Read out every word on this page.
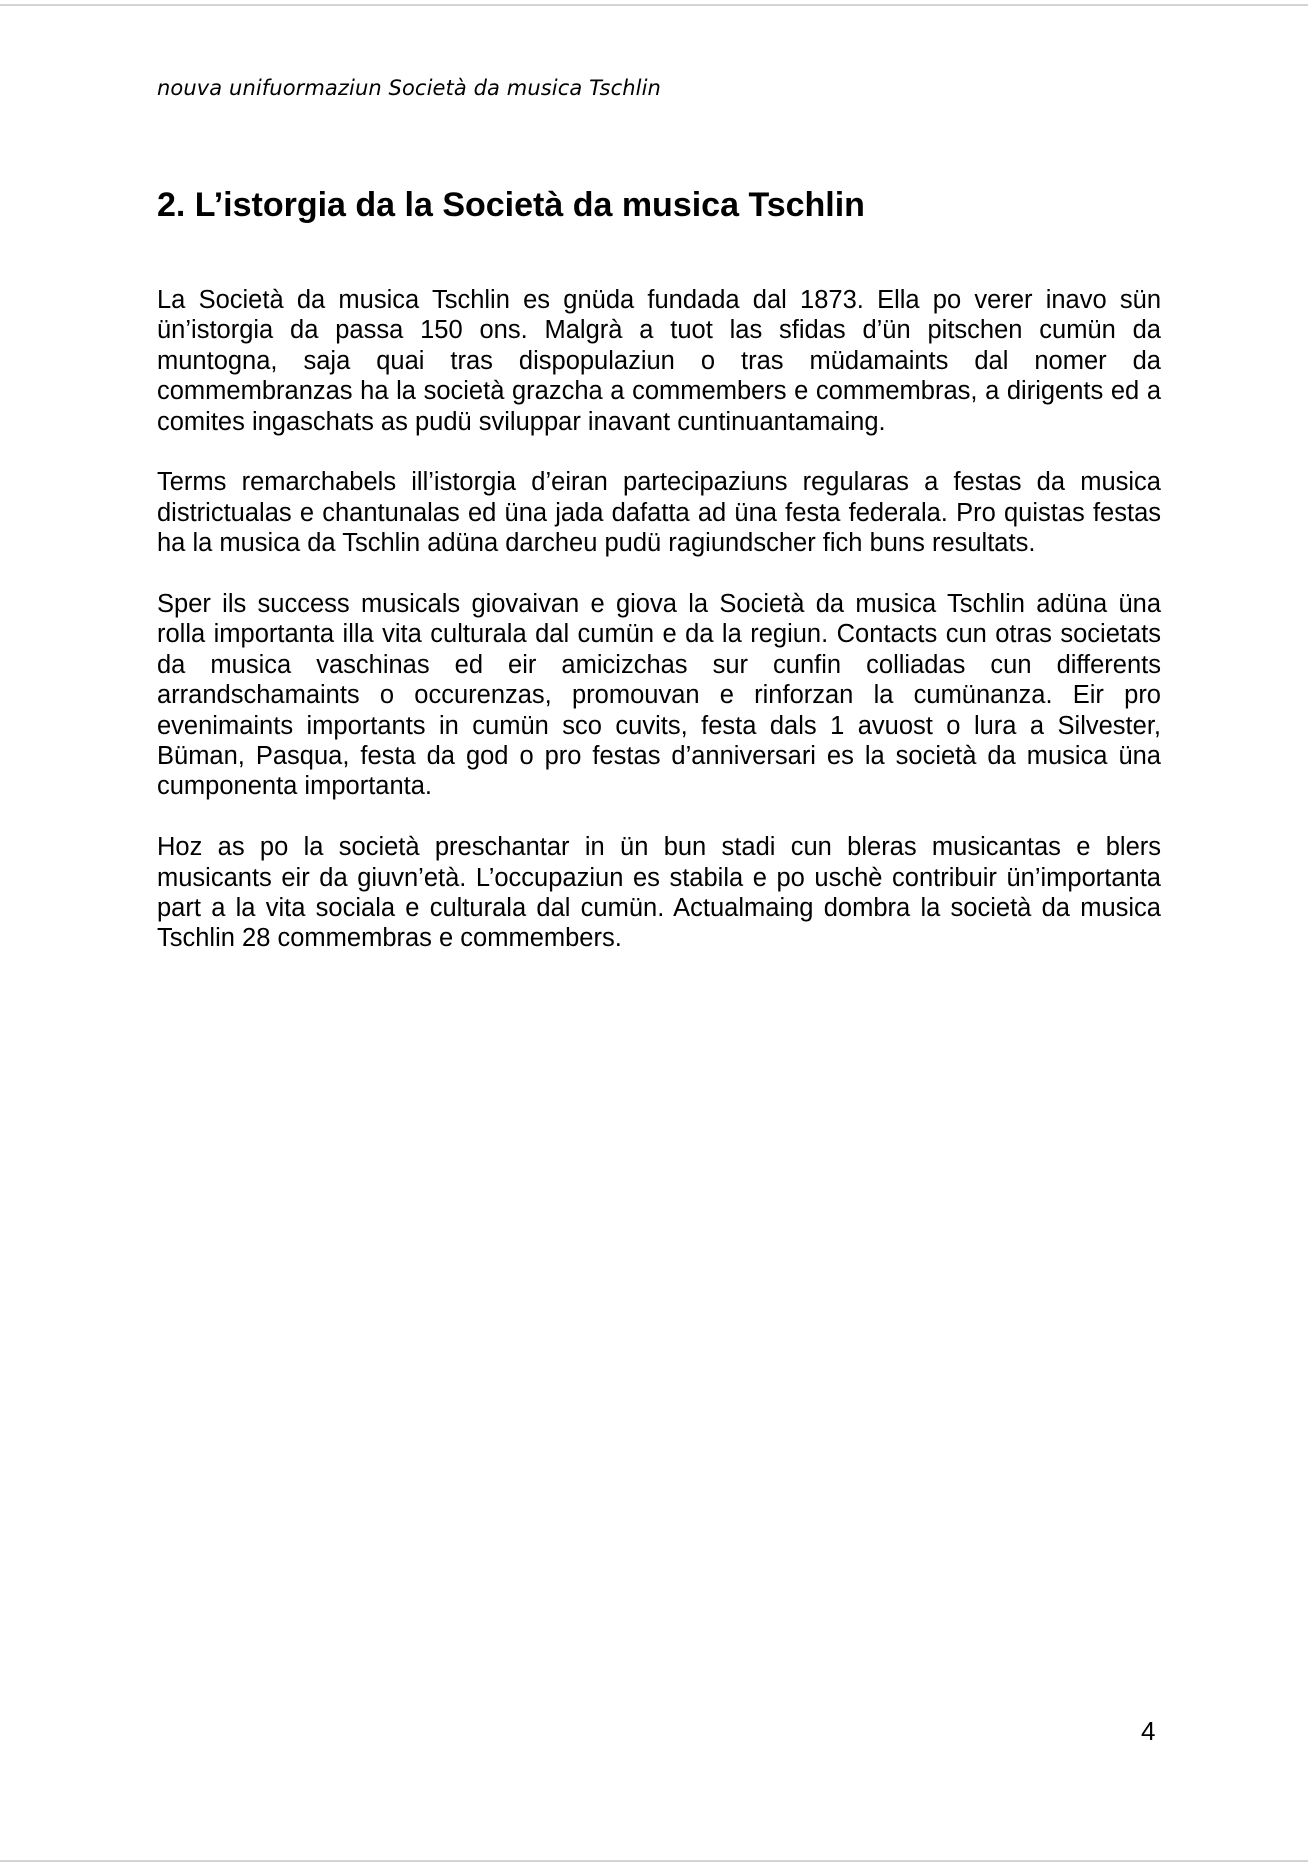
nouva unifuormaziun Società da musica Tschlin
2. L’istorgia da la Società da musica Tschlin

La Società da musica Tschlin es gnüda fundada dal 1873. Ella po verer inavo sün ün’istorgia da passa 150 ons. Malgrà a tuot las sfidas d’ün pitschen cumün da muntogna, saja quai tras dispopulaziun o tras müdamaints dal nomer da commembranzas ha la società grazcha a commembers e commembras, a dirigents ed a comites ingaschats as pudü sviluppar inavant cuntinuantamaing.

Terms remarchabels ill’istorgia d’eiran partecipaziuns regularas a festas da musica districtualas e chantunalas ed üna jada dafatta ad üna festa federala. Pro quistas festas ha la musica da Tschlin adüna darcheu pudü ragiundscher fich buns resultats.

Sper ils success musicals giovaivan e giova la Società da musica Tschlin adüna üna rolla importanta illa vita culturala dal cumün e da la regiun. Contacts cun otras societats da musica vaschinas ed eir amicizchas sur cunfin colliadas cun differents arrandschamaints o occurenzas, promouvan e rinforzan la cumünanza. Eir pro evenimaints importants in cumün sco cuvits, festa dals 1 avuost o lura a Silvester, Büman, Pasqua, festa da god o pro festas d’anniversari es la società da musica üna cumponenta importanta.

Hoz as po la società preschantar in ün bun stadi cun bleras musicantas e blers musicants eir da giuvn’età. L’occupaziun es stabila e po uschè contribuir ün’importanta part a la vita sociala e culturala dal cumün. Actualmaing dombra la società da musica Tschlin 28 commembras e commembers.

4
